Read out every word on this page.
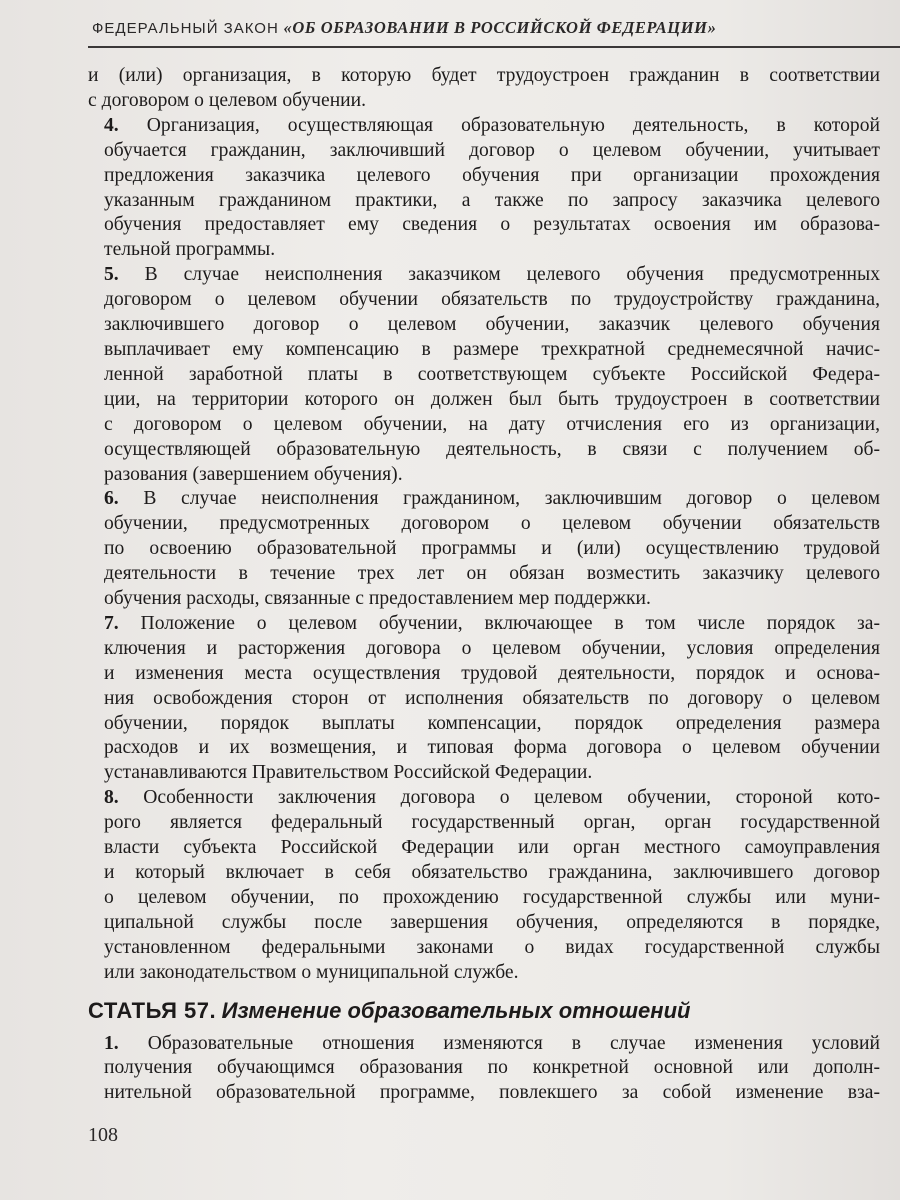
ФЕДЕРАЛЬНЫЙ ЗАКОН «ОБ ОБРАЗОВАНИИ В РОССИЙСКОЙ ФЕДЕРАЦИИ»

и (или) организация, в которую будет трудоустроен гражданин в соответствии
с договором о целевом обучении.

4. Организация, осуществляющая образовательную деятельность, в которой
обучается гражданин, заключивший договор о целевом обучении, учитывает
предложения заказчика целевого обучения при организации прохождения
указанным гражданином практики, а также по запросу заказчика целевого
обучения предоставляет ему сведения о результатах освоения им образова-
тельной программы.

5. В случае неисполнения заказчиком целевого обучения предусмотренных
договором о целевом обучении обязательств по трудоустройству гражданина,
заключившего договор о целевом обучении, заказчик целевого обучения
выплачивает ему компенсацию в размере трехкратной среднемесячной начис-
ленной заработной платы в соответствующем субъекте Российской Федера-
ции, на территории которого он должен был быть трудоустроен в соответствии
с договором о целевом обучении, на дату отчисления его из организации,
осуществляющей образовательную деятельность, в связи с получением об-
разования (завершением обучения).

6. В случае неисполнения гражданином, заключившим договор о целевом
обучении, предусмотренных договором о целевом обучении обязательств
по освоению образовательной программы и (или) осуществлению трудовой
деятельности в течение трех лет он обязан возместить заказчику целевого
обучения расходы, связанные с предоставлением мер поддержки.

7. Положение о целевом обучении, включающее в том числе порядок за-
ключения и расторжения договора о целевом обучении, условия определения
и изменения места осуществления трудовой деятельности, порядок и основа-
ния освобождения сторон от исполнения обязательств по договору о целевом
обучении, порядок выплаты компенсации, порядок определения размера
расходов и их возмещения, и типовая форма договора о целевом обучении
устанавливаются Правительством Российской Федерации.

8. Особенности заключения договора о целевом обучении, стороной кото-
рого является федеральный государственный орган, орган государственной
власти субъекта Российской Федерации или орган местного самоуправления
и который включает в себя обязательство гражданина, заключившего договор
о целевом обучении, по прохождению государственной службы или муни-
ципальной службы после завершения обучения, определяются в порядке,
установленном федеральными законами о видах государственной службы
или законодательством о муниципальной службе.

СТАТЬЯ 57. Изменение образовательных отношений

1. Образовательные отношения изменяются в случае изменения условий
получения обучающимся образования по конкретной основной или дополн-
нительной образовательной программе, повлекшего за собой изменение вза-

108
